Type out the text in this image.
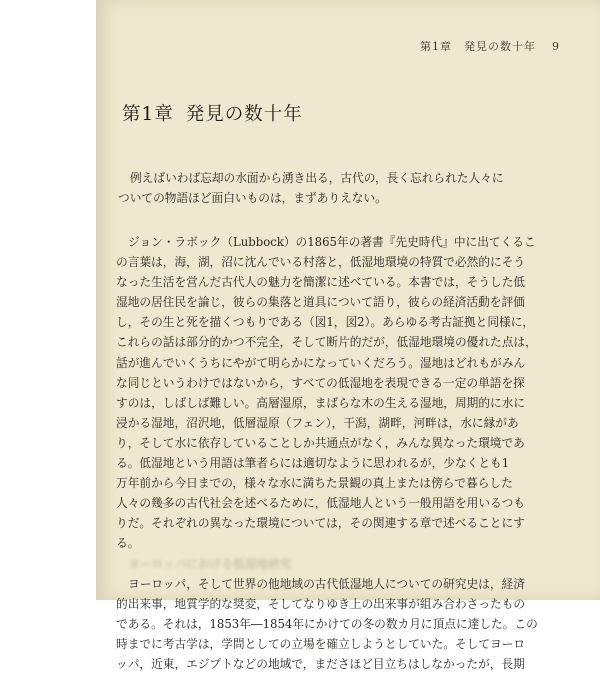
第1章　発見の数十年 9
第1章 発見の数十年
例えばいわば忘却の水面から湧き出る，古代の，長く忘れられた人々に
ついての物語ほど面白いものは，まずありえない。
ジョン・ラボック（Lubbock）の1865年の著書『先史時代』中に出てくるこ
の言葉は，海，湖，沼に沈んでいる村落と，低湿地環境の特質で必然的にそう
なった生活を営んだ古代人の魅力を簡潔に述べている。本書では，そうした低
湿地の居住民を論じ，彼らの集落と道具について語り，彼らの経済活動を評価
し，その生と死を描くつもりである（図1，図2）。あらゆる考古証拠と同様に，
これらの話は部分的かつ不完全，そして断片的だが，低湿地環境の優れた点は，
話が進んでいくうちにやがて明らかになっていくだろう。湿地はどれもがみん
な同じというわけではないから，すべての低湿地を表現できる一定の単語を探
すのは，しばしば難しい。高層湿原，まばらな木の生える湿地，周期的に水に
浸かる湿地，沼沢地，低層湿原（フェン），干潟，湖畔，河畔は，水に縁があ
り，そして水に依存していることしか共通点がなく，みんな異なった環境であ
る。低湿地という用語は筆者らには適切なように思われるが，少なくとも1
万年前から今日までの，様々な水に満ちた景観の真上または傍らで暮らした
人々の幾多の古代社会を述べるために，低湿地人という一般用語を用いるつも
りだ。それぞれの異なった環境については，その関連する章で述べることにす
る。
ヨーロッパにおける低湿地研究
ヨーロッパ，そして世界の他地域の古代低湿地人についての研究史は，経済
的出来事，地質学的な奨変，そしてなりゆき上の出来事が組み合わさったもの
である。それは，1853年―1854年にかけての冬の数カ月に頂点に達した。この
時までに考古学は，学問としての立場を確立しようとしていた。そしてヨーロ
ッパ，近東，エジプトなどの地域で，まださほど目立ちはしなかったが，長期
